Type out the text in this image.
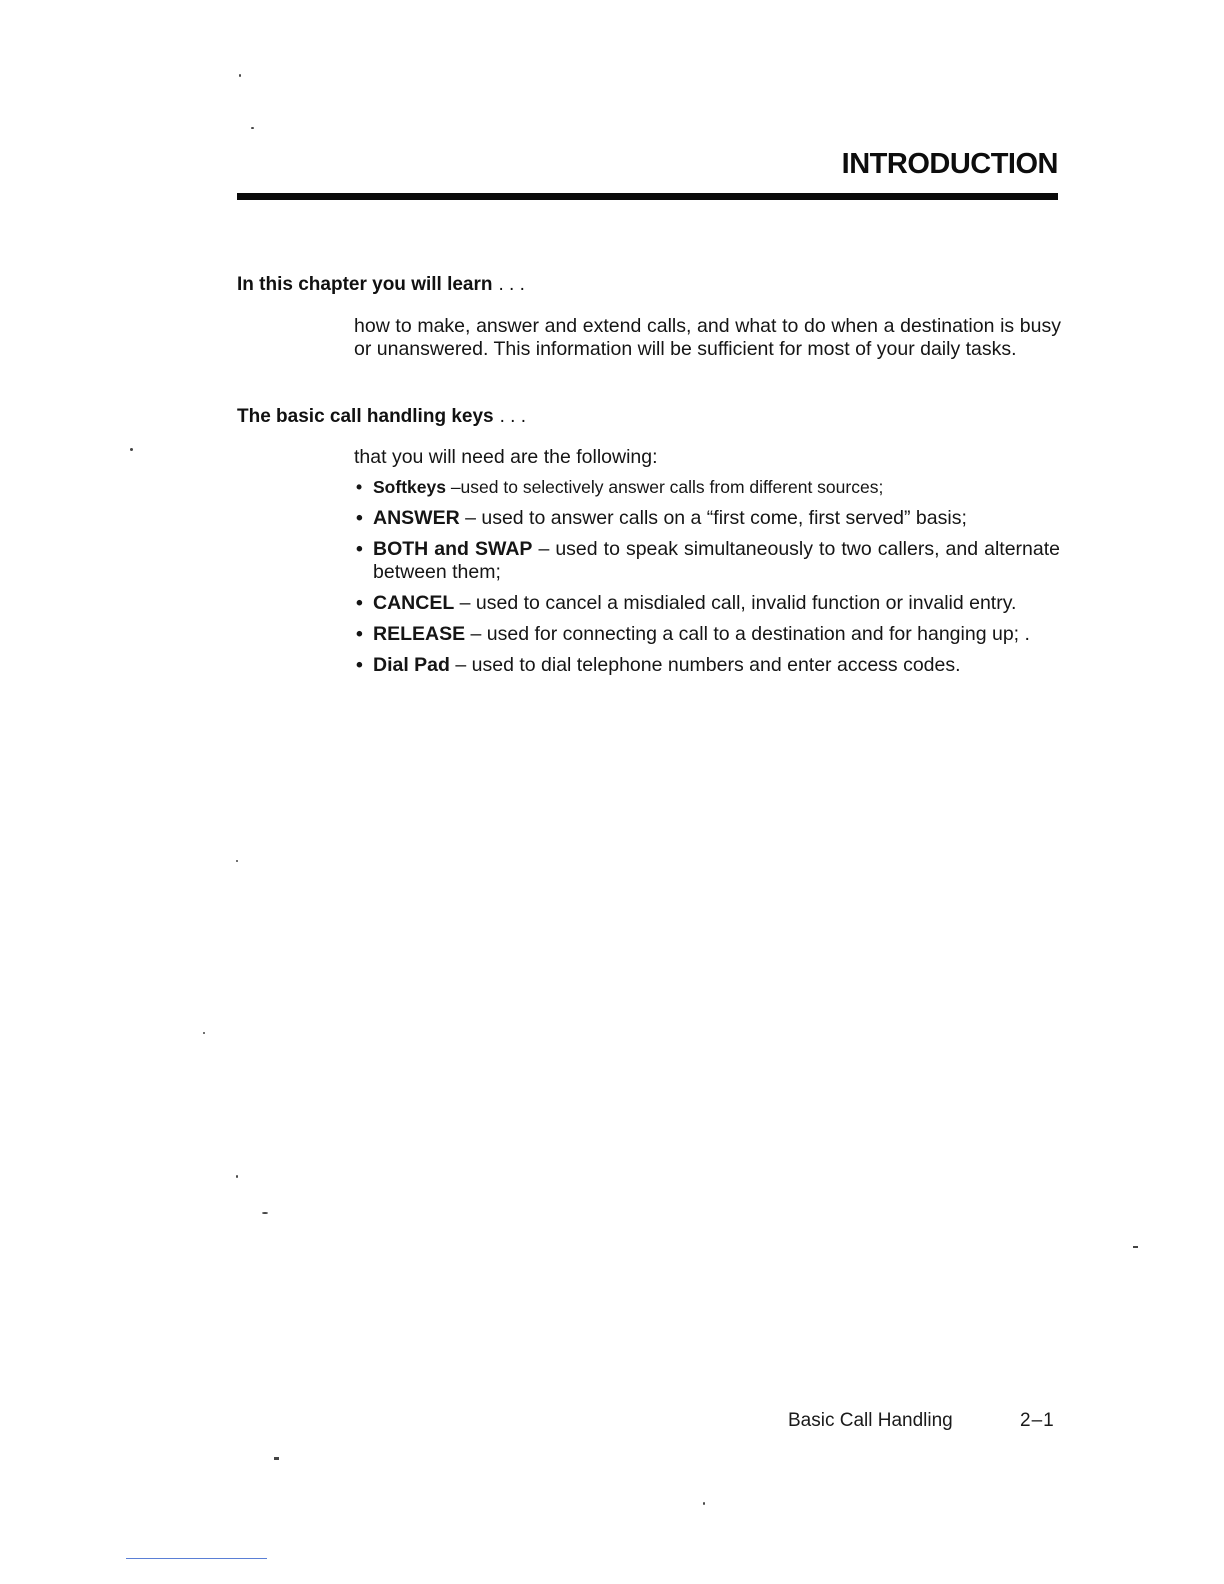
INTRODUCTION
In this chapter you will learn . . .

how to make, answer and extend calls, and what to do when a destination is busy or unanswered. This information will be sufficient for most of your daily tasks.

The basic call handling keys . . .

that you will need are the following:

• Softkeys –used to selectively answer calls from different sources;
• ANSWER – used to answer calls on a “first come, first served” basis;
• BOTH and SWAP – used to speak simultaneously to two callers, and alternate between them;
• CANCEL – used to cancel a misdialed call, invalid function or invalid entry.
• RELEASE – used for connecting a call to a destination and for hanging up; .
• Dial Pad – used to dial telephone numbers and enter access codes.
Basic Call Handling	2–1
